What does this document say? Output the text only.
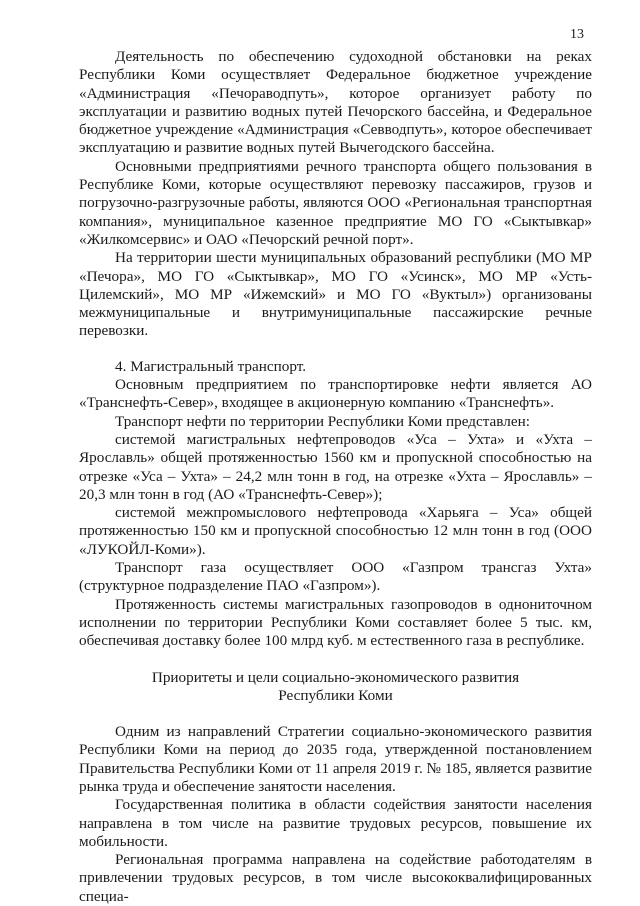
13

Деятельность по обеспечению судоходной обстановки на реках Республики Коми осуществляет Федеральное бюджетное учреждение «Администрация «Печораводпуть», которое организует работу по эксплуатации и развитию водных путей Печорского бассейна, и Федеральное бюджетное учреждение «Администрация «Севводпуть», которое обеспечивает эксплуатацию и развитие водных путей Вычегодского бассейна.

Основными предприятиями речного транспорта общего пользования в Республике Коми, которые осуществляют перевозку пассажиров, грузов и погрузочно-разгрузочные работы, являются ООО «Региональная транспортная компания», муниципальное казенное предприятие МО ГО «Сыктывкар» «Жилкомсервис» и ОАО «Печорский речной порт».

На территории шести муниципальных образований республики (МО МР «Печора», МО ГО «Сыктывкар», МО ГО «Усинск», МО МР «Усть-Цилемский», МО МР «Ижемский» и МО ГО «Вуктыл») организованы межмуниципальные и внутримуниципальные пассажирские речные перевозки.

4. Магистральный транспорт.

Основным предприятием по транспортировке нефти является АО «Транснефть-Север», входящее в акционерную компанию «Транснефть».

Транспорт нефти по территории Республики Коми представлен:

системой магистральных нефтепроводов «Уса – Ухта» и «Ухта – Ярославль» общей протяженностью 1560 км и пропускной способностью на отрезке «Уса – Ухта» – 24,2 млн тонн в год, на отрезке «Ухта – Ярославль» – 20,3 млн тонн в год (АО «Транснефть-Север»);

системой межпромыслового нефтепровода «Харьяга – Уса» общей протяженностью 150 км и пропускной способностью 12 млн тонн в год (ООО «ЛУКОЙЛ-Коми»).

Транспорт газа осуществляет ООО «Газпром трансгаз Ухта» (структурное подразделение ПАО «Газпром»).

Протяженность системы магистральных газопроводов в однониточном исполнении по территории Республики Коми составляет более 5 тыс. км, обеспечивая доставку более 100 млрд куб. м естественного газа в республике.

Приоритеты и цели социально-экономического развития
Республики Коми

Одним из направлений Стратегии социально-экономического развития Республики Коми на период до 2035 года, утвержденной постановлением Правительства Республики Коми от 11 апреля 2019 г. № 185, является развитие рынка труда и обеспечение занятости населения.

Государственная политика в области содействия занятости населения направлена в том числе на развитие трудовых ресурсов, повышение их мобильности.

Региональная программа направлена на содействие работодателям в привлечении трудовых ресурсов, в том числе высококвалифицированных специа-
